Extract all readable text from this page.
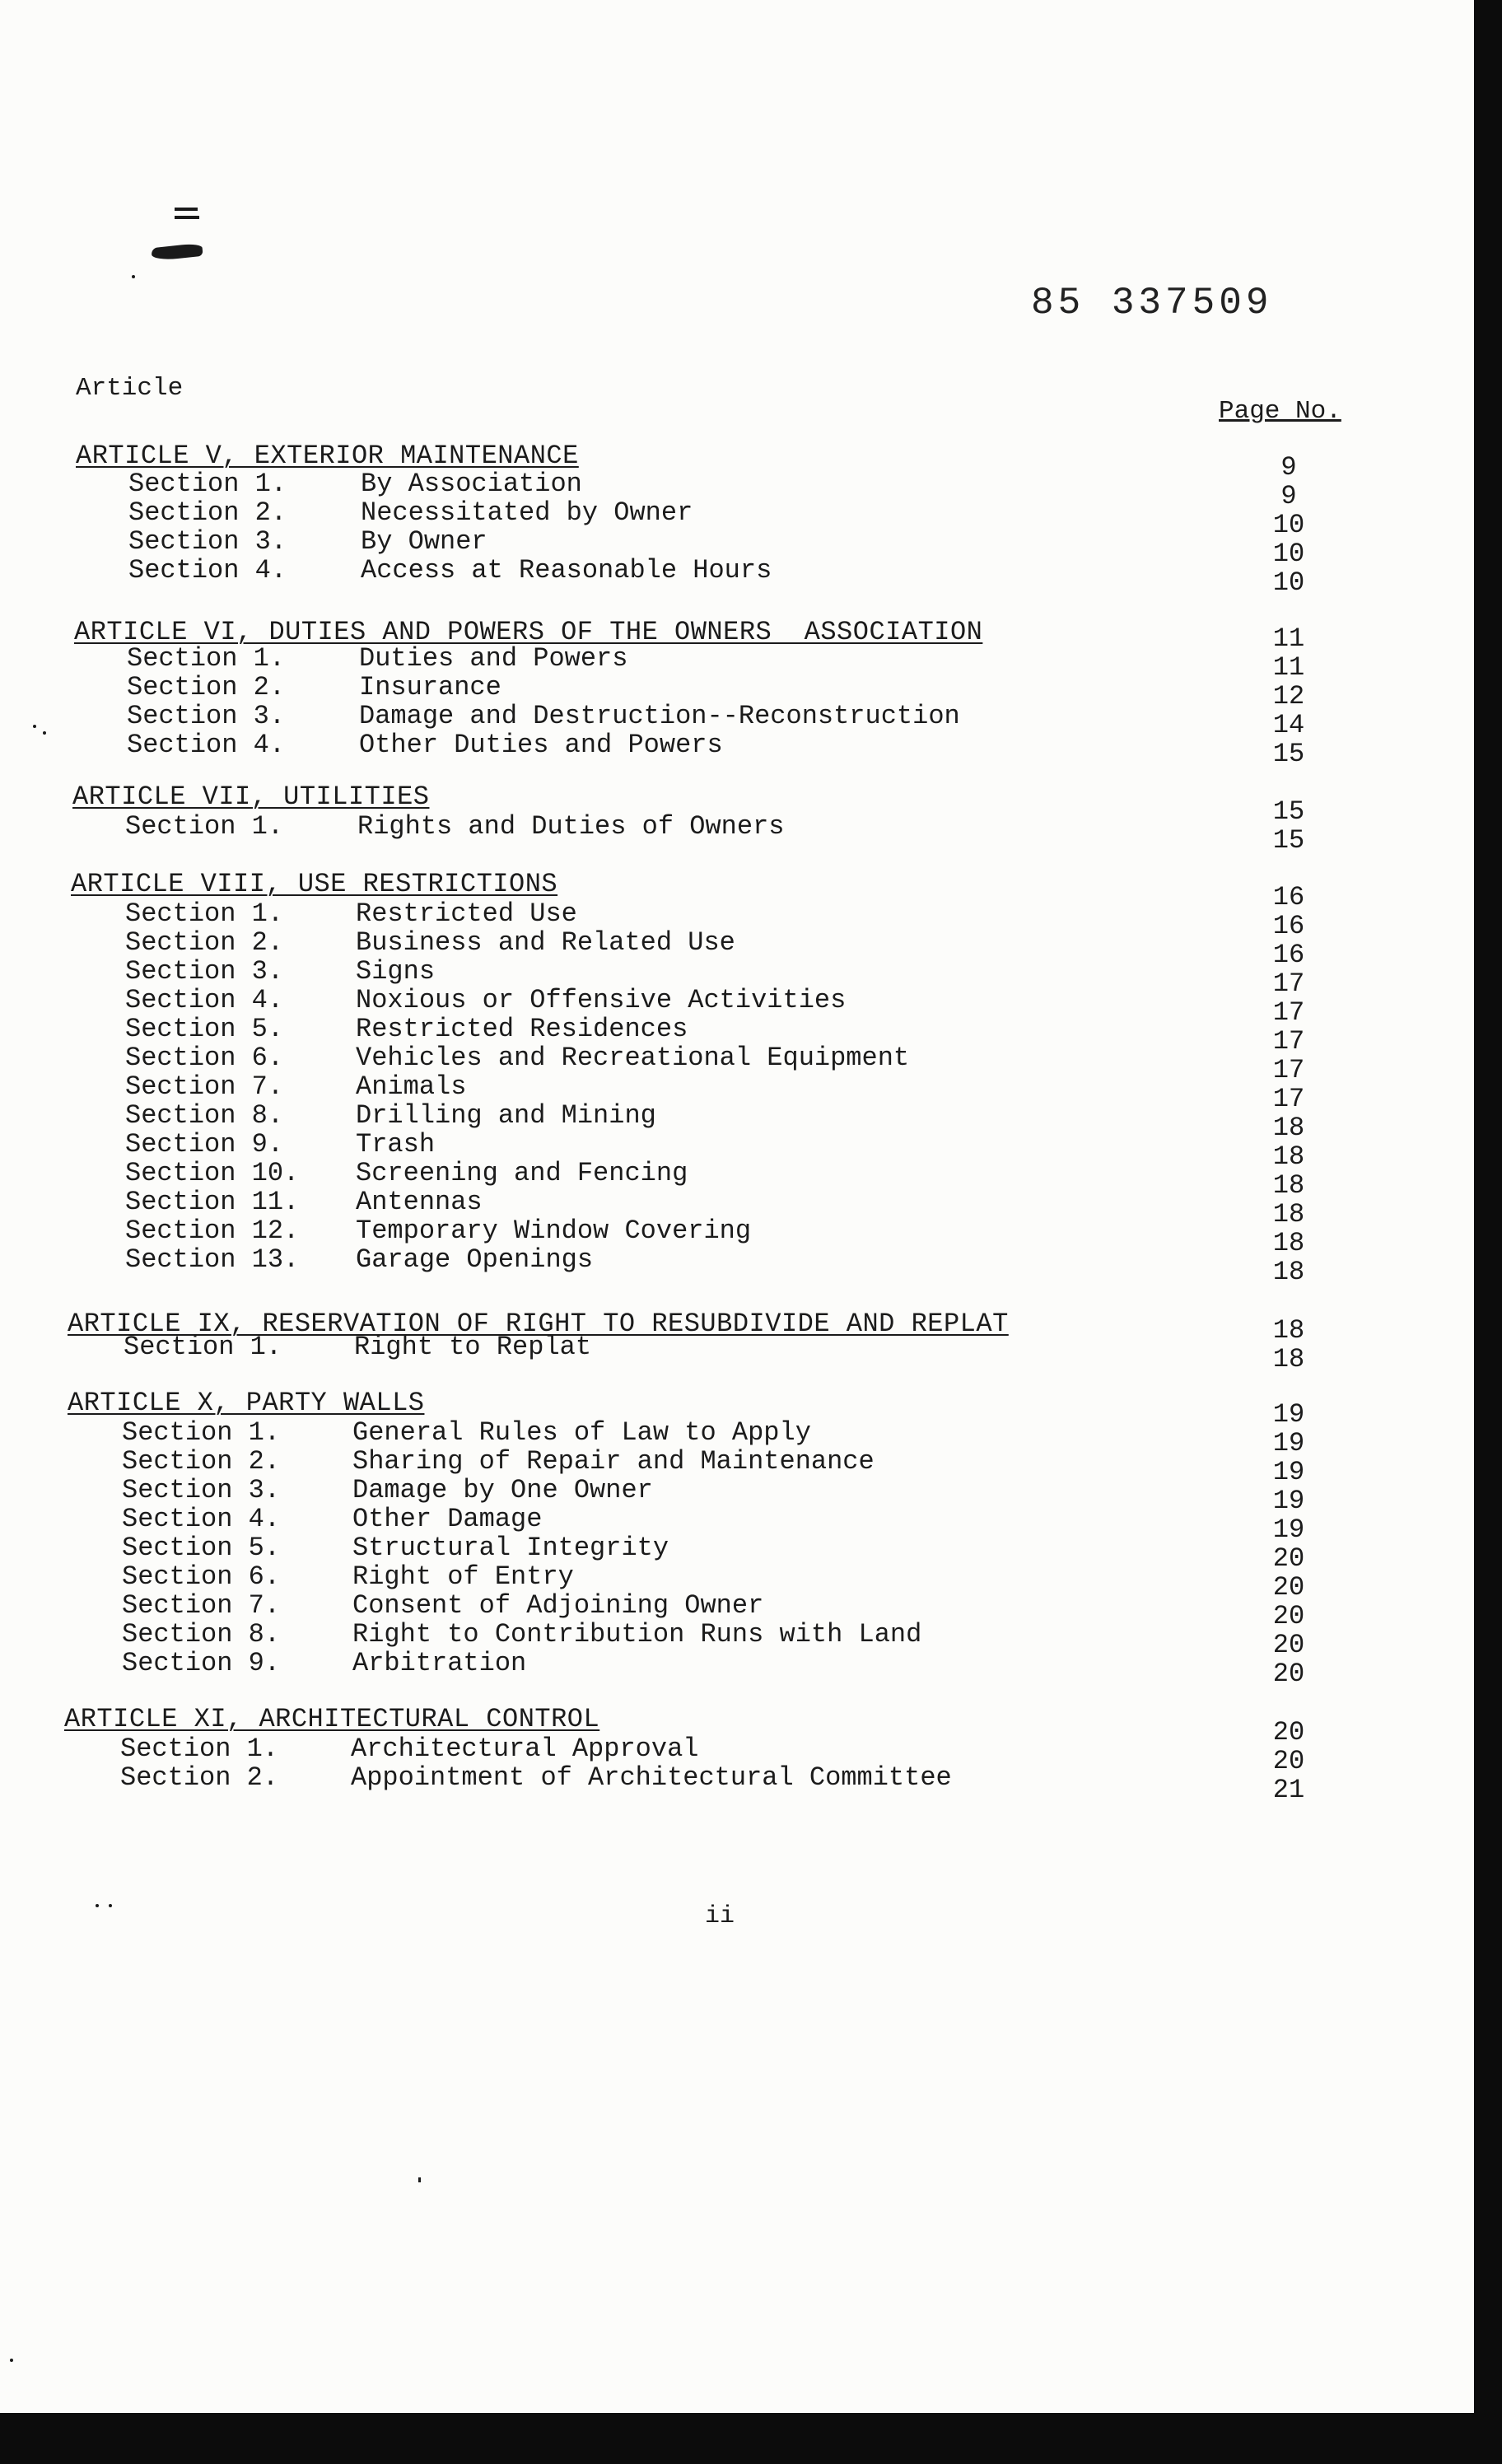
85 337509
Article
Page No.
ARTICLE V, EXTERIOR MAINTENANCE	9
Section 1.	By Association	9
Section 2.	Necessitated by Owner	10
Section 3.	By Owner	10
Section 4.	Access at Reasonable Hours	10
ARTICLE VI, DUTIES AND POWERS OF THE OWNERS  ASSOCIATION	11
Section 1.	Duties and Powers	11
Section 2.	Insurance	12
Section 3.	Damage and Destruction--Reconstruction	14
Section 4.	Other Duties and Powers	15
ARTICLE VII, UTILITIES	15
Section 1.	Rights and Duties of Owners	15
ARTICLE VIII, USE RESTRICTIONS	16
Section 1.	Restricted Use	16
Section 2.	Business and Related Use	16
Section 3.	Signs	17
Section 4.	Noxious or Offensive Activities	17
Section 5.	Restricted Residences	17
Section 6.	Vehicles and Recreational Equipment	17
Section 7.	Animals	17
Section 8.	Drilling and Mining	18
Section 9.	Trash	18
Section 10. Screening and Fencing	18
Section 11. Antennas	18
Section 12. Temporary Window Covering	18
Section 13. Garage Openings	18
ARTICLE IX, RESERVATION OF RIGHT TO RESUBDIVIDE AND REPLAT	18
Section 1.	Right to Replat	18
ARTICLE X, PARTY WALLS	19
Section 1.	General Rules of Law to Apply	19
Section 2.	Sharing of Repair and Maintenance	19
Section 3.	Damage by One Owner	19
Section 4.	Other Damage	19
Section 5.	Structural Integrity	20
Section 6.	Right of Entry	20
Section 7.	Consent of Adjoining Owner	20
Section 8.	Right to Contribution Runs with Land	20
Section 9.	Arbitration	20
ARTICLE XI, ARCHITECTURAL CONTROL	20
Section 1.	Architectural Approval	20
Section 2.	Appointment of Architectural Committee	21
ii
